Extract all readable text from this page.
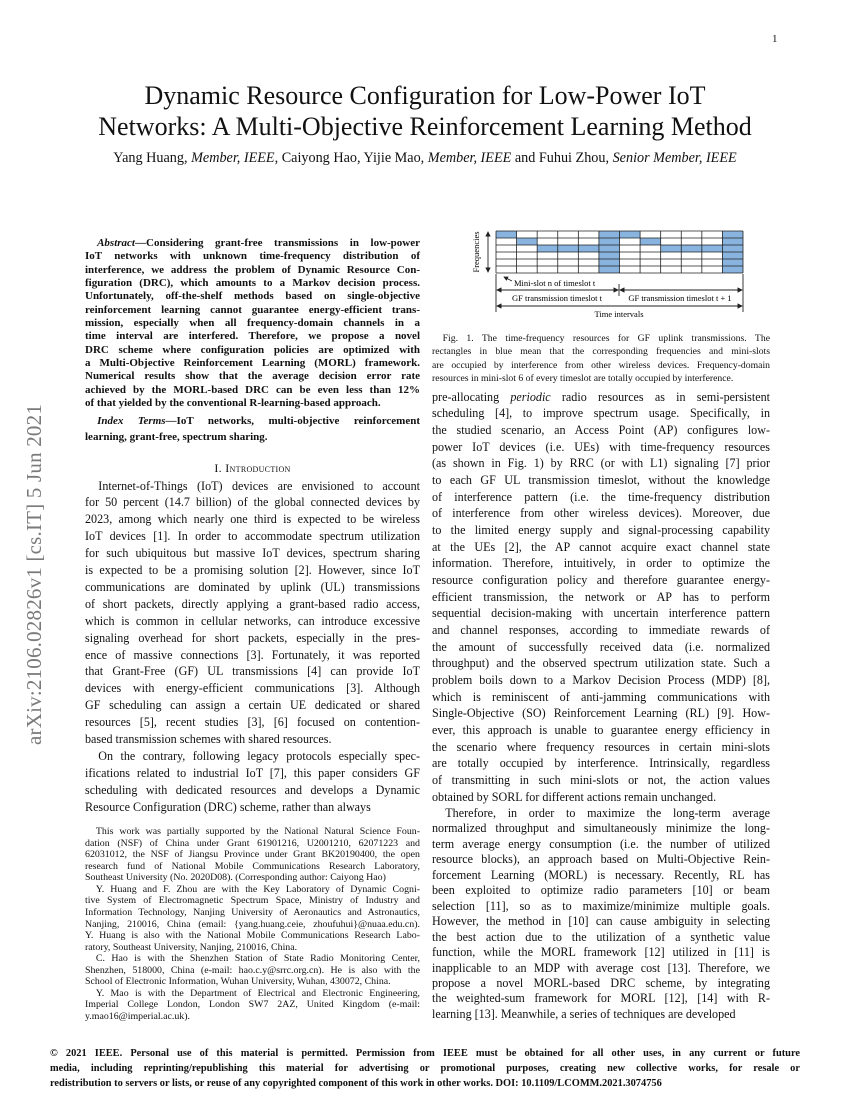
1
arXiv:2106.02826v1 [cs.IT] 5 Jun 2021
Dynamic Resource Configuration for Low-Power IoT
Networks: A Multi-Objective Reinforcement Learning Method
Yang Huang, Member, IEEE, Caiyong Hao, Yijie Mao, Member, IEEE and Fuhui Zhou, Senior Member, IEEE
Abstract—Considering grant-free transmissions in low-power
IoT networks with unknown time-frequency distribution of
interference, we address the problem of Dynamic Resource Con-
figuration (DRC), which amounts to a Markov decision process.
Unfortunately, off-the-shelf methods based on single-objective
reinforcement learning cannot guarantee energy-efficient trans-
mission, especially when all frequency-domain channels in a
time interval are interfered. Therefore, we propose a novel
DRC scheme where configuration policies are optimized with
a Multi-Objective Reinforcement Learning (MORL) framework.
Numerical results show that the average decision error rate
achieved by the MORL-based DRC can be even less than 12%
of that yielded by the conventional R-learning-based approach.
Index Terms—IoT networks, multi-objective reinforcement
learning, grant-free, spectrum sharing.
I. Introduction
Internet-of-Things (IoT) devices are envisioned to account
for 50 percent (14.7 billion) of the global connected devices by
2023, among which nearly one third is expected to be wireless
IoT devices [1]. In order to accommodate spectrum utilization
for such ubiquitous but massive IoT devices, spectrum sharing
is expected to be a promising solution [2]. However, since IoT
communications are dominated by uplink (UL) transmissions
of short packets, directly applying a grant-based radio access,
which is common in cellular networks, can introduce excessive
signaling overhead for short packets, especially in the pres-
ence of massive connections [3]. Fortunately, it was reported
that Grant-Free (GF) UL transmissions [4] can provide IoT
devices with energy-efficient communications [3]. Although
GF scheduling can assign a certain UE dedicated or shared
resources [5], recent studies [3], [6] focused on contention-
based transmission schemes with shared resources.
On the contrary, following legacy protocols especially spec-
ifications related to industrial IoT [7], this paper considers GF
scheduling with dedicated resources and develops a Dynamic
Resource Configuration (DRC) scheme, rather than always
This work was partially supported by the National Natural Science Foun-
dation (NSF) of China under Grant 61901216, U2001210, 62071223 and
62031012, the NSF of Jiangsu Province under Grant BK20190400, the open
research fund of National Mobile Communications Research Laboratory,
Southeast University (No. 2020D08). (Corresponding author: Caiyong Hao)
Y. Huang and F. Zhou are with the Key Laboratory of Dynamic Cogni-
tive System of Electromagnetic Spectrum Space, Ministry of Industry and
Information Technology, Nanjing University of Aeronautics and Astronautics,
Nanjing, 210016, China (email: {yang.huang.ceie, zhoufuhui}@nuaa.edu.cn).
Y. Huang is also with the National Mobile Communications Research Labo-
ratory, Southeast University, Nanjing, 210016, China.
C. Hao is with the Shenzhen Station of State Radio Monitoring Center,
Shenzhen, 518000, China (e-mail: hao.c.y@srrc.org.cn). He is also with the
School of Electronic Information, Wuhan University, Wuhan, 430072, China.
Y. Mao is with the Department of Electrical and Electronic Engineering,
Imperial College London, London SW7 2AZ, United Kingdom (e-mail:
y.mao16@imperial.ac.uk).
Frequencies
Mini-slot n of timeslot t
GF transmission timeslot t	GF transmission timeslot t + 1
Time intervals
Fig. 1. The time-frequency resources for GF uplink transmissions. The
rectangles in blue mean that the corresponding frequencies and mini-slots
are occupied by interference from other wireless devices. Frequency-domain
resources in mini-slot 6 of every timeslot are totally occupied by interference.
pre-allocating periodic radio resources as in semi-persistent
scheduling [4], to improve spectrum usage. Specifically, in
the studied scenario, an Access Point (AP) configures low-
power IoT devices (i.e. UEs) with time-frequency resources
(as shown in Fig. 1) by RRC (or with L1) signaling [7] prior
to each GF UL transmission timeslot, without the knowledge
of interference pattern (i.e. the time-frequency distribution
of interference from other wireless devices). Moreover, due
to the limited energy supply and signal-processing capability
at the UEs [2], the AP cannot acquire exact channel state
information. Therefore, intuitively, in order to optimize the
resource configuration policy and therefore guarantee energy-
efficient transmission, the network or AP has to perform
sequential decision-making with uncertain interference pattern
and channel responses, according to immediate rewards of
the amount of successfully received data (i.e. normalized
throughput) and the observed spectrum utilization state. Such a
problem boils down to a Markov Decision Process (MDP) [8],
which is reminiscent of anti-jamming communications with
Single-Objective (SO) Reinforcement Learning (RL) [9]. How-
ever, this approach is unable to guarantee energy efficiency in
the scenario where frequency resources in certain mini-slots
are totally occupied by interference. Intrinsically, regardless
of transmitting in such mini-slots or not, the action values
obtained by SORL for different actions remain unchanged.
Therefore, in order to maximize the long-term average
normalized throughput and simultaneously minimize the long-
term average energy consumption (i.e. the number of utilized
resource blocks), an approach based on Multi-Objective Rein-
forcement Learning (MORL) is necessary. Recently, RL has
been exploited to optimize radio parameters [10] or beam
selection [11], so as to maximize/minimize multiple goals.
However, the method in [10] can cause ambiguity in selecting
the best action due to the utilization of a synthetic value
function, while the MORL framework [12] utilized in [11] is
inapplicable to an MDP with average cost [13]. Therefore, we
propose a novel MORL-based DRC scheme, by integrating
the weighted-sum framework for MORL [12], [14] with R-
learning [13]. Meanwhile, a series of techniques are developed
© 2021 IEEE. Personal use of this material is permitted. Permission from IEEE must be obtained for all other uses, in any current or future
media, including reprinting/republishing this material for advertising or promotional purposes, creating new collective works, for resale or
redistribution to servers or lists, or reuse of any copyrighted component of this work in other works. DOI: 10.1109/LCOMM.2021.3074756
